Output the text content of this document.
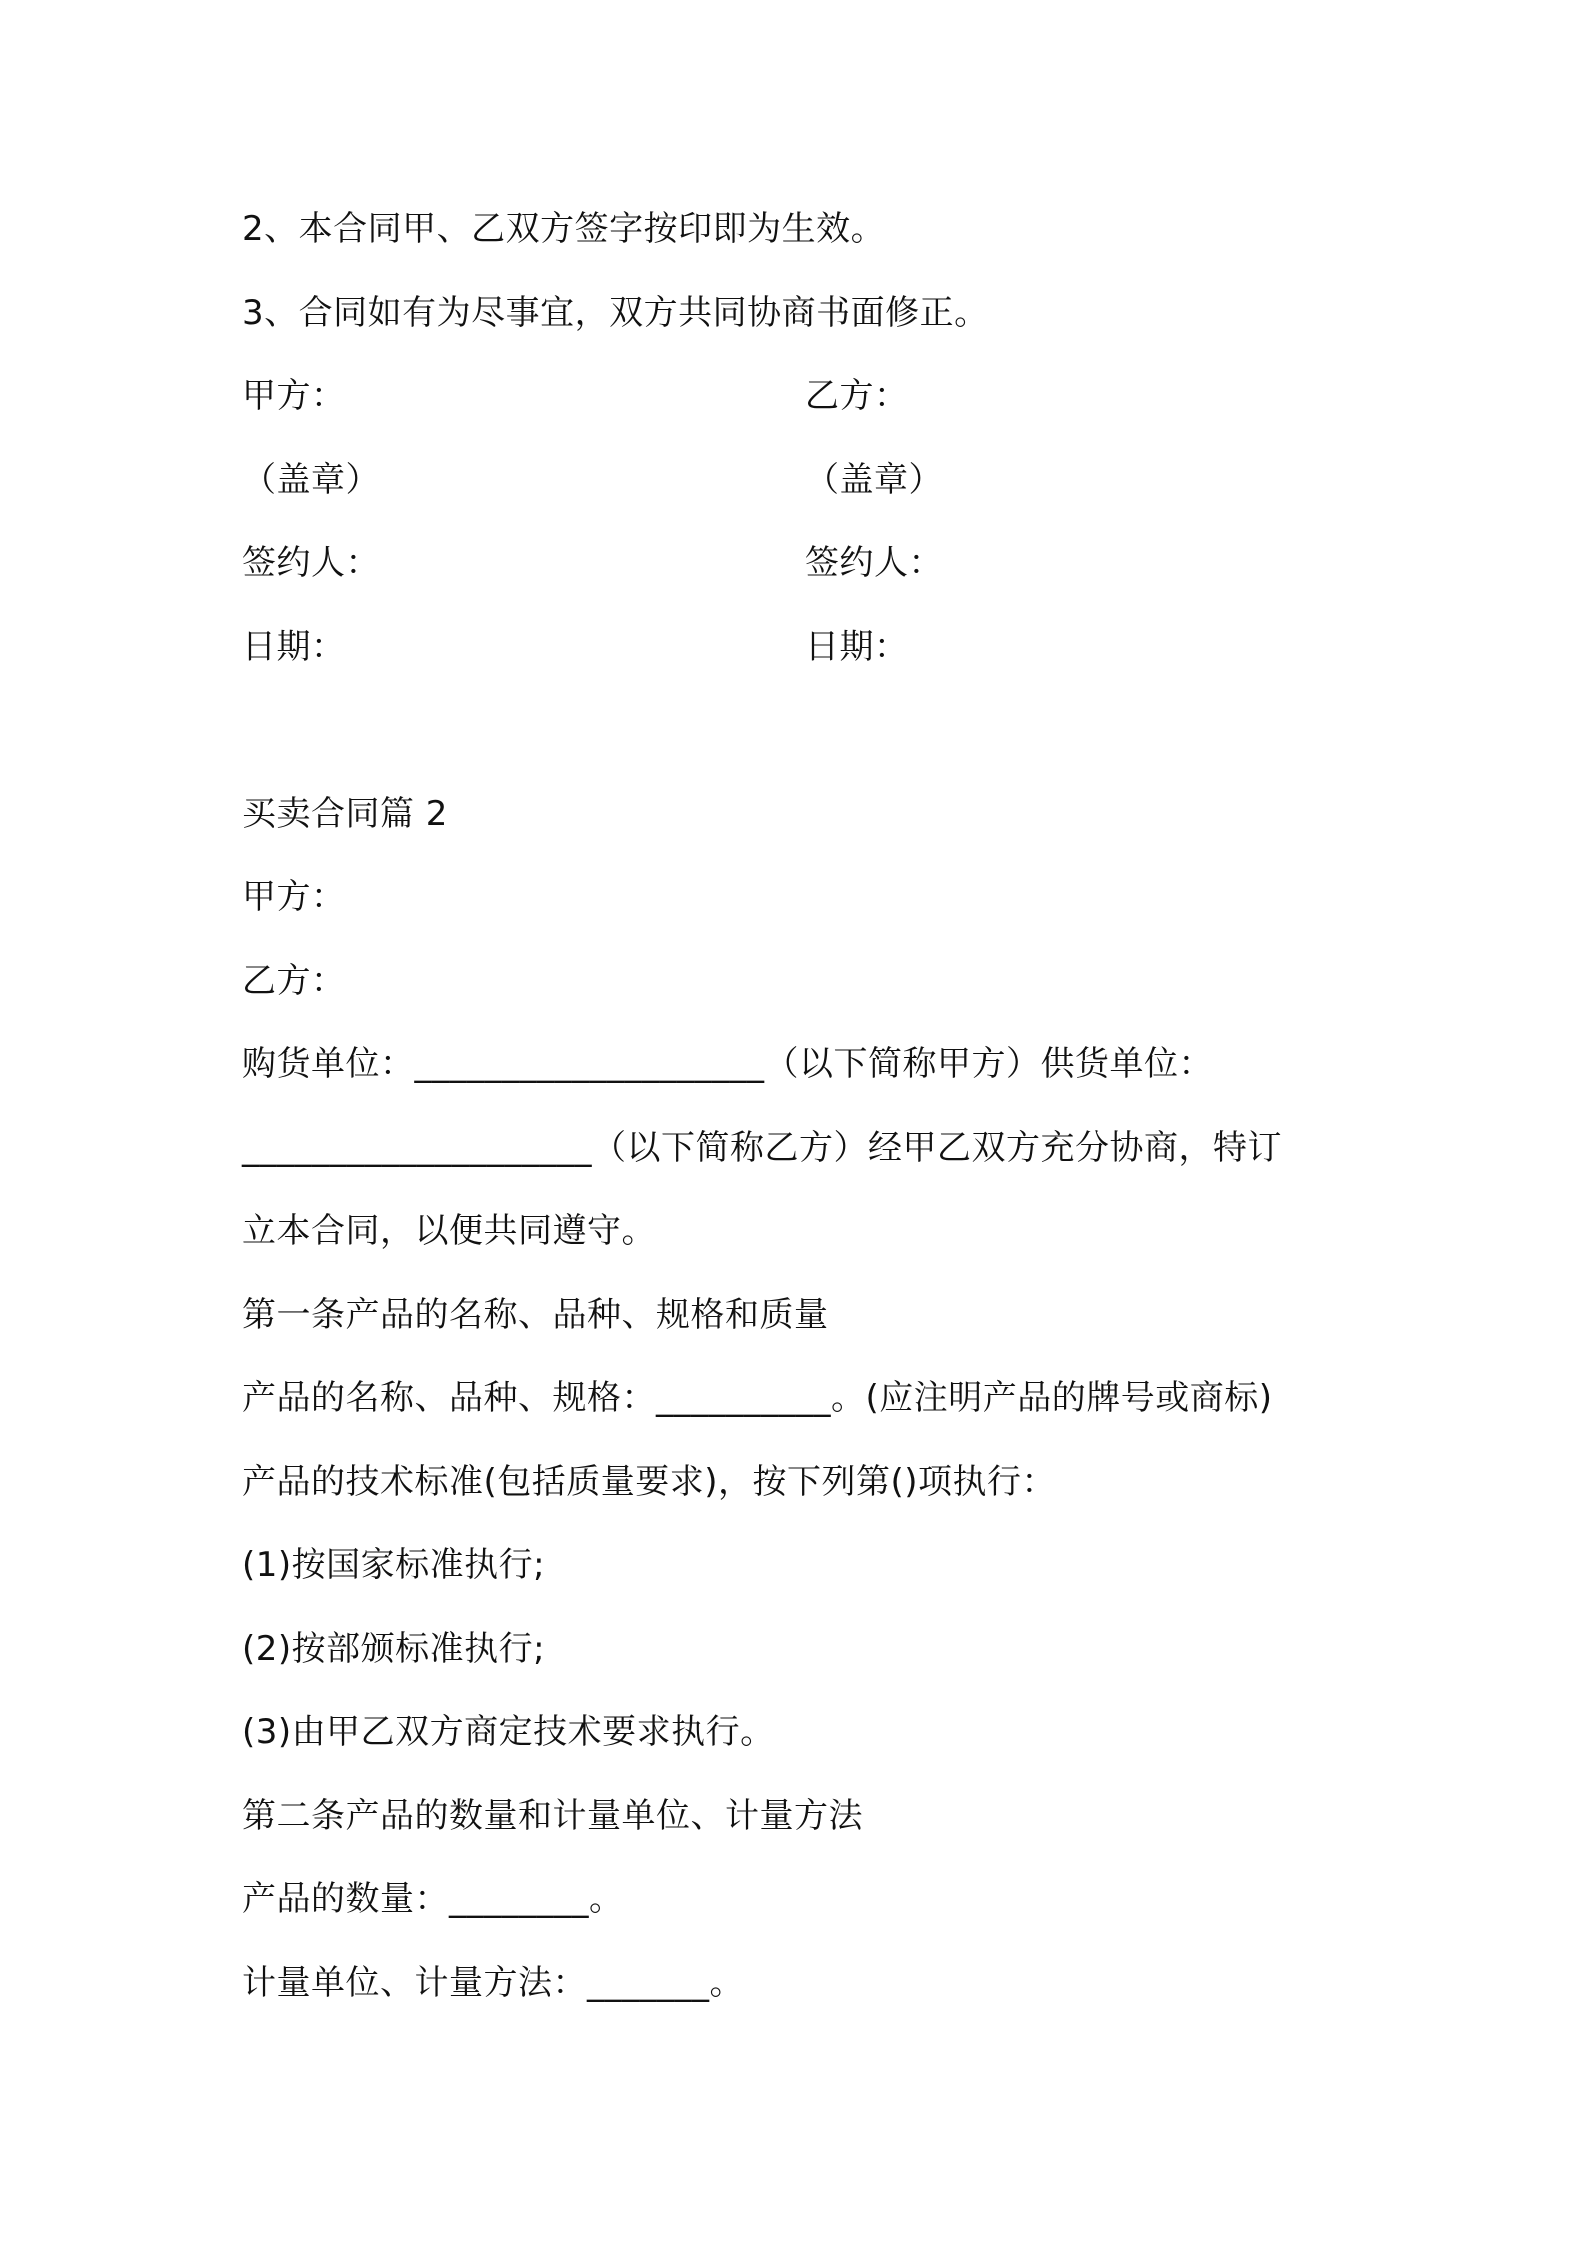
2、本合同甲、乙双方签字按印即为生效。
3、合同如有为尽事宜，双方共同协商书面修正。
甲方：	乙方：
（盖章）	（盖章）
签约人：	签约人：
日期：	日期：
买卖合同篇 2
甲方：
乙方：
购货单位：____________________（以下简称甲方）供货单位：
____________________（以下简称乙方）经甲乙双方充分协商，特订
立本合同，以便共同遵守。
第一条产品的名称、品种、规格和质量
产品的名称、品种、规格：__________。(应注明产品的牌号或商标)
产品的技术标准(包括质量要求)，按下列第()项执行：
(1)按国家标准执行;
(2)按部颁标准执行;
(3)由甲乙双方商定技术要求执行。
第二条产品的数量和计量单位、计量方法
产品的数量：________。
计量单位、计量方法：_______。
